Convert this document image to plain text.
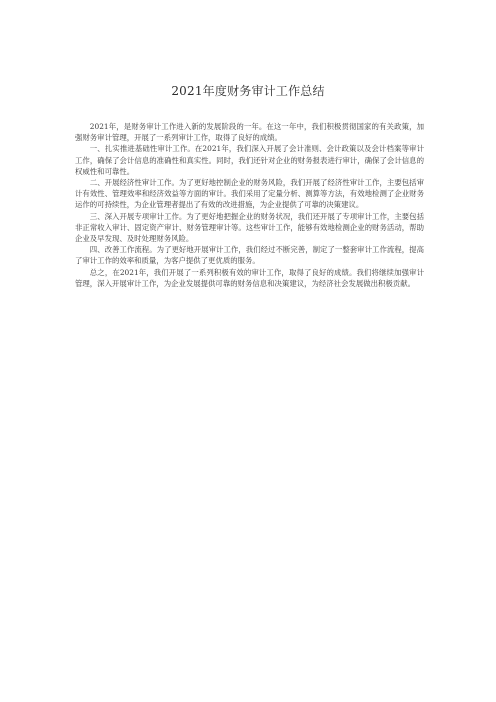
2021年度财务审计工作总结

2021年，是财务审计工作进入新的发展阶段的一年。在这一年中，我们积极贯彻国家的有关政策，加强财务审计管理，开展了一系列审计工作，取得了良好的成绩。

一、扎实推进基础性审计工作。在2021年，我们深入开展了会计准则、会计政策以及会计档案等审计工作，确保了会计信息的准确性和真实性。同时，我们还针对企业的财务报表进行审计，确保了会计信息的权威性和可靠性。

二、开展经济性审计工作。为了更好地控制企业的财务风险，我们开展了经济性审计工作，主要包括审计有效性、管理效率和经济效益等方面的审计。我们采用了定量分析、测算等方法，有效地检测了企业财务运作的可持续性，为企业管理者提出了有效的改进措施，为企业提供了可靠的决策建议。

三、深入开展专项审计工作。为了更好地把握企业的财务状况，我们还开展了专项审计工作，主要包括非正常收入审计、固定资产审计、财务管理审计等。这些审计工作，能够有效地检测企业的财务活动，帮助企业及早发现、及时处理财务风险。

四、改善工作流程。为了更好地开展审计工作，我们经过不断完善，制定了一整套审计工作流程，提高了审计工作的效率和质量，为客户提供了更优质的服务。

总之，在2021年，我们开展了一系列积极有效的审计工作，取得了良好的成绩。我们将继续加强审计管理，深入开展审计工作，为企业发展提供可靠的财务信息和决策建议，为经济社会发展做出积极贡献。
